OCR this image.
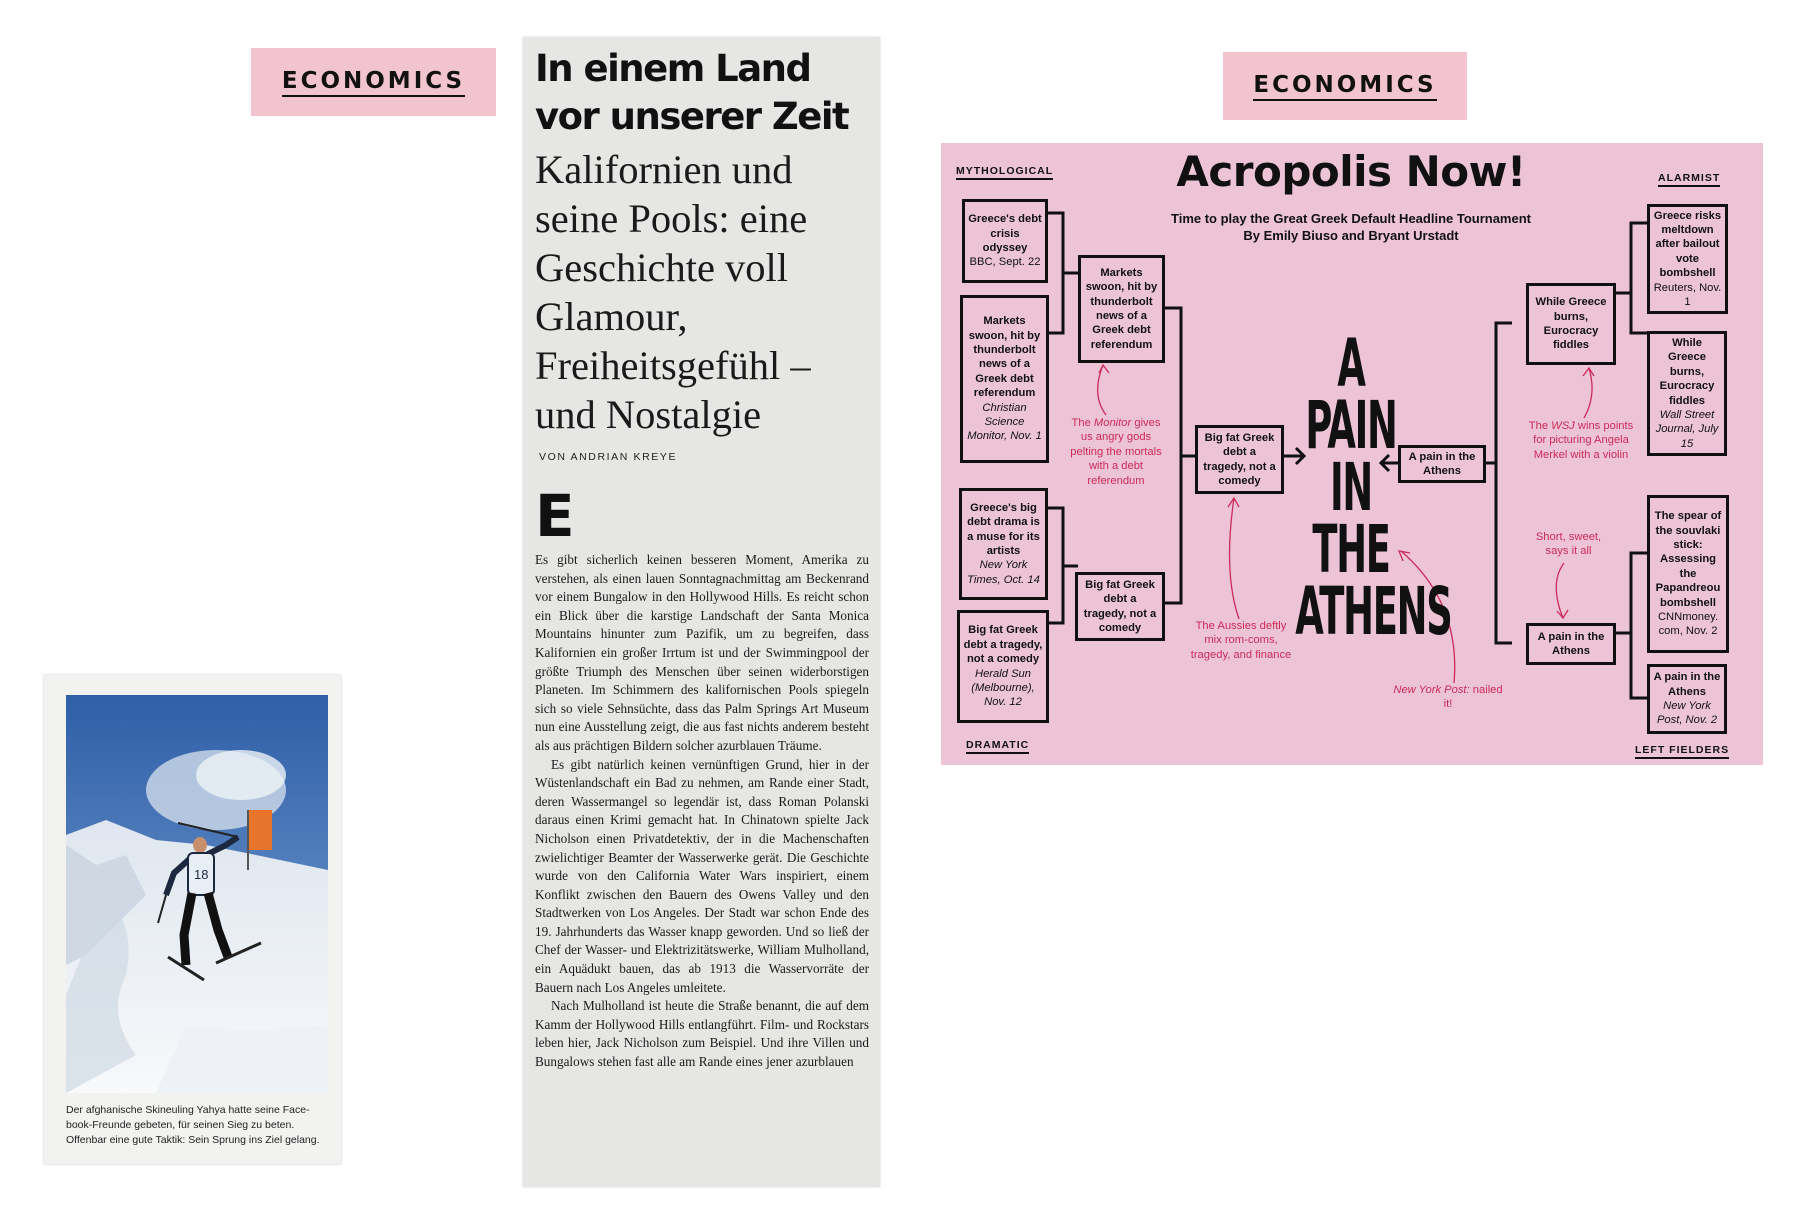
ECONOMICS
18
Der afghanische Skineuling Yahya hatte seine Face-book-Freunde gebeten, für seinen Sieg zu beten. Offenbar eine gute Taktik: Sein Sprung ins Ziel gelang.
In einem Land vor unserer Zeit
Kalifornien und seine Pools: eine Geschichte voll Glamour, Freiheitsgefühl – und Nostalgie
VON ANDRIAN KREYE
E

Es gibt sicherlich keinen besseren Moment, Amerika zu verstehen, als einen lauen Sonntagnachmittag am Beckenrand vor einem Bungalow in den Hollywood Hills. Es reicht schon ein Blick über die karstige Landschaft der Santa Monica Mountains hinunter zum Pazifik, um zu begreifen, dass Kalifornien ein großer Irrtum ist und der Swimmingpool der größte Triumph des Menschen über seinen widerborstigen Planeten. Im Schimmern des kalifornischen Pools spiegeln sich so viele Sehnsüchte, dass das Palm Springs Art Museum nun eine Ausstellung zeigt, die aus fast nichts anderem besteht als aus prächtigen Bildern solcher azurblauen Träume.

Es gibt natürlich keinen vernünftigen Grund, hier in der Wüstenlandschaft ein Bad zu nehmen, am Rande einer Stadt, deren Wassermangel so legendär ist, dass Roman Polanski daraus einen Krimi gemacht hat. In Chinatown spielte Jack Nicholson einen Privatdetektiv, der in die Machenschaften zwielichtiger Beamter der Wasserwerke gerät. Die Geschichte wurde von den California Water Wars inspiriert, einem Konflikt zwischen den Bauern des Owens Valley und den Stadtwerken von Los Angeles. Der Stadt war schon Ende des 19. Jahrhunderts das Wasser knapp geworden. Und so ließ der Chef der Wasser- und Elektrizitätswerke, William Mulholland, ein Aquädukt bauen, das ab 1913 die Wasservorräte der Bauern nach Los Angeles umleitete.

Nach Mulholland ist heute die Straße benannt, die auf dem Kamm der Hollywood Hills entlangführt. Film- und Rockstars leben hier, Jack Nicholson zum Beispiel. Und ihre Villen und Bungalows stehen fast alle am Rande eines jener azurblauen

ECONOMICS
MYTHOLOGICAL
DRAMATIC
ALARMIST
LEFT FIELDERS
Acropolis Now!
Time to play the Great Greek Default Headline Tournament
By Emily Biuso and Bryant Urstadt
A PAIN
IN
THE
ATHENS
Greece's debt crisis odyssey
BBC, Sept. 22
Markets swoon, hit by thunderbolt news of a Greek debt referendum
Christian Science Monitor, Nov. 1
Greece's big debt drama is a muse for its artists
New York Times, Oct. 14
Big fat Greek debt a tragedy, not a comedy
Herald Sun (Melbourne), Nov. 12
Markets swoon, hit by thunderbolt news of a Greek debt referendum
Big fat Greek debt a tragedy, not a comedy
Big fat Greek debt a tragedy, not a comedy
Greece risks meltdown after bailout vote bombshell
Reuters, Nov. 1
While Greece burns, Eurocracy fiddles
Wall Street Journal, July 15
The spear of the souvlaki stick: Assessing the Papandreou bombshell
CNNmoney. com, Nov. 2
A pain in the Athens
New York Post, Nov. 2
While Greece burns, Eurocracy fiddles
A pain in the Athens
A pain in the Athens
The Monitor gives us angry gods pelting the mortals with a debt referendum
The WSJ wins points for picturing Angela Merkel with a violin
Short, sweet, says it all
The Aussies deftly mix rom-coms, tragedy, and finance
New York Post: nailed it!
